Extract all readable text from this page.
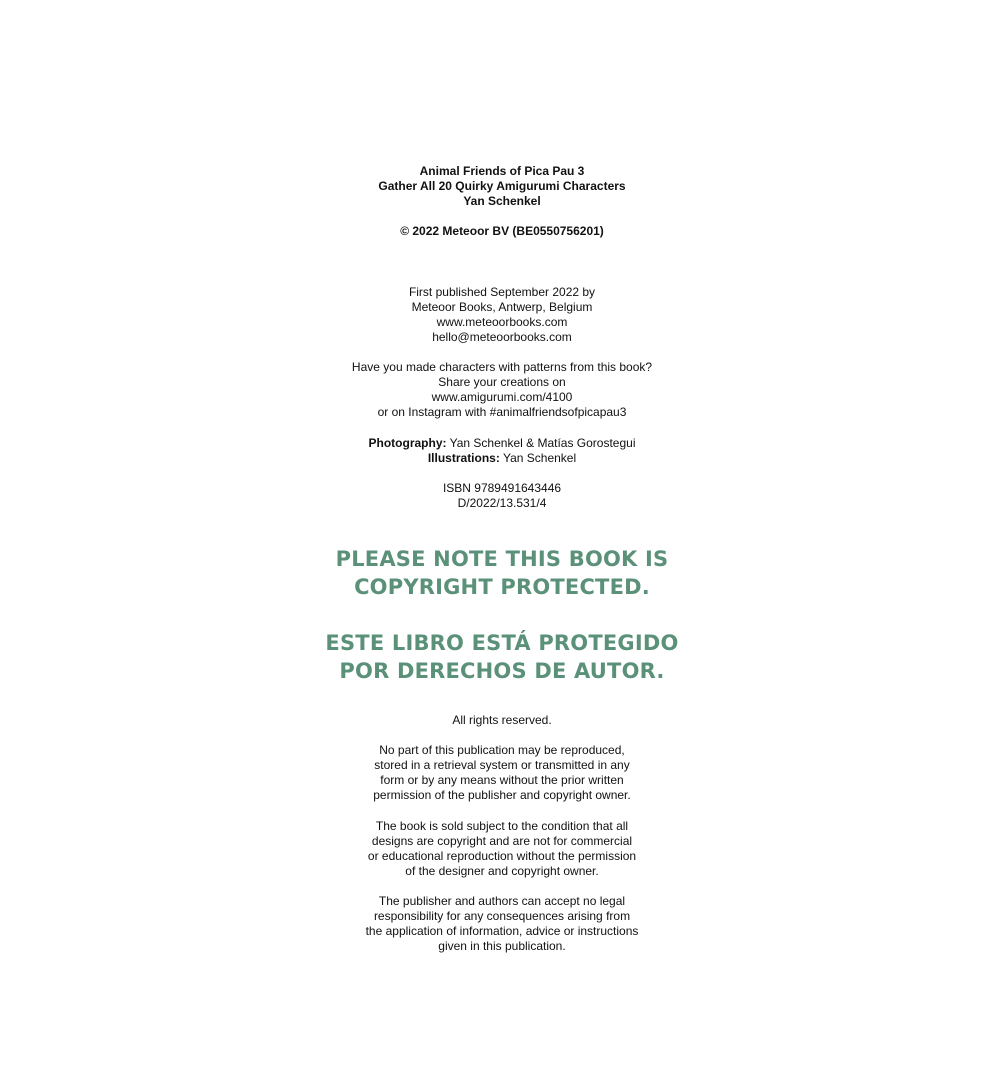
Animal Friends of Pica Pau 3
Gather All 20 Quirky Amigurumi Characters
Yan Schenkel
© 2022 Meteoor BV (BE0550756201)
First published September 2022 by
Meteoor Books, Antwerp, Belgium
www.meteoorbooks.com
hello@meteoorbooks.com
Have you made characters with patterns from this book?
Share your creations on
www.amigurumi.com/4100
or on Instagram with #animalfriendsofpicapau3
Photography: Yan Schenkel & Matías Gorostegui
Illustrations: Yan Schenkel
ISBN 9789491643446
D/2022/13.531/4
PLEASE NOTE THIS BOOK IS
COPYRIGHT PROTECTED.
ESTE LIBRO ESTÁ PROTEGIDO
POR DERECHOS DE AUTOR.
All rights reserved.
No part of this publication may be reproduced,
stored in a retrieval system or transmitted in any
form or by any means without the prior written
permission of the publisher and copyright owner.
The book is sold subject to the condition that all
designs are copyright and are not for commercial
or educational reproduction without the permission
of the designer and copyright owner.
The publisher and authors can accept no legal
responsibility for any consequences arising from
the application of information, advice or instructions
given in this publication.
